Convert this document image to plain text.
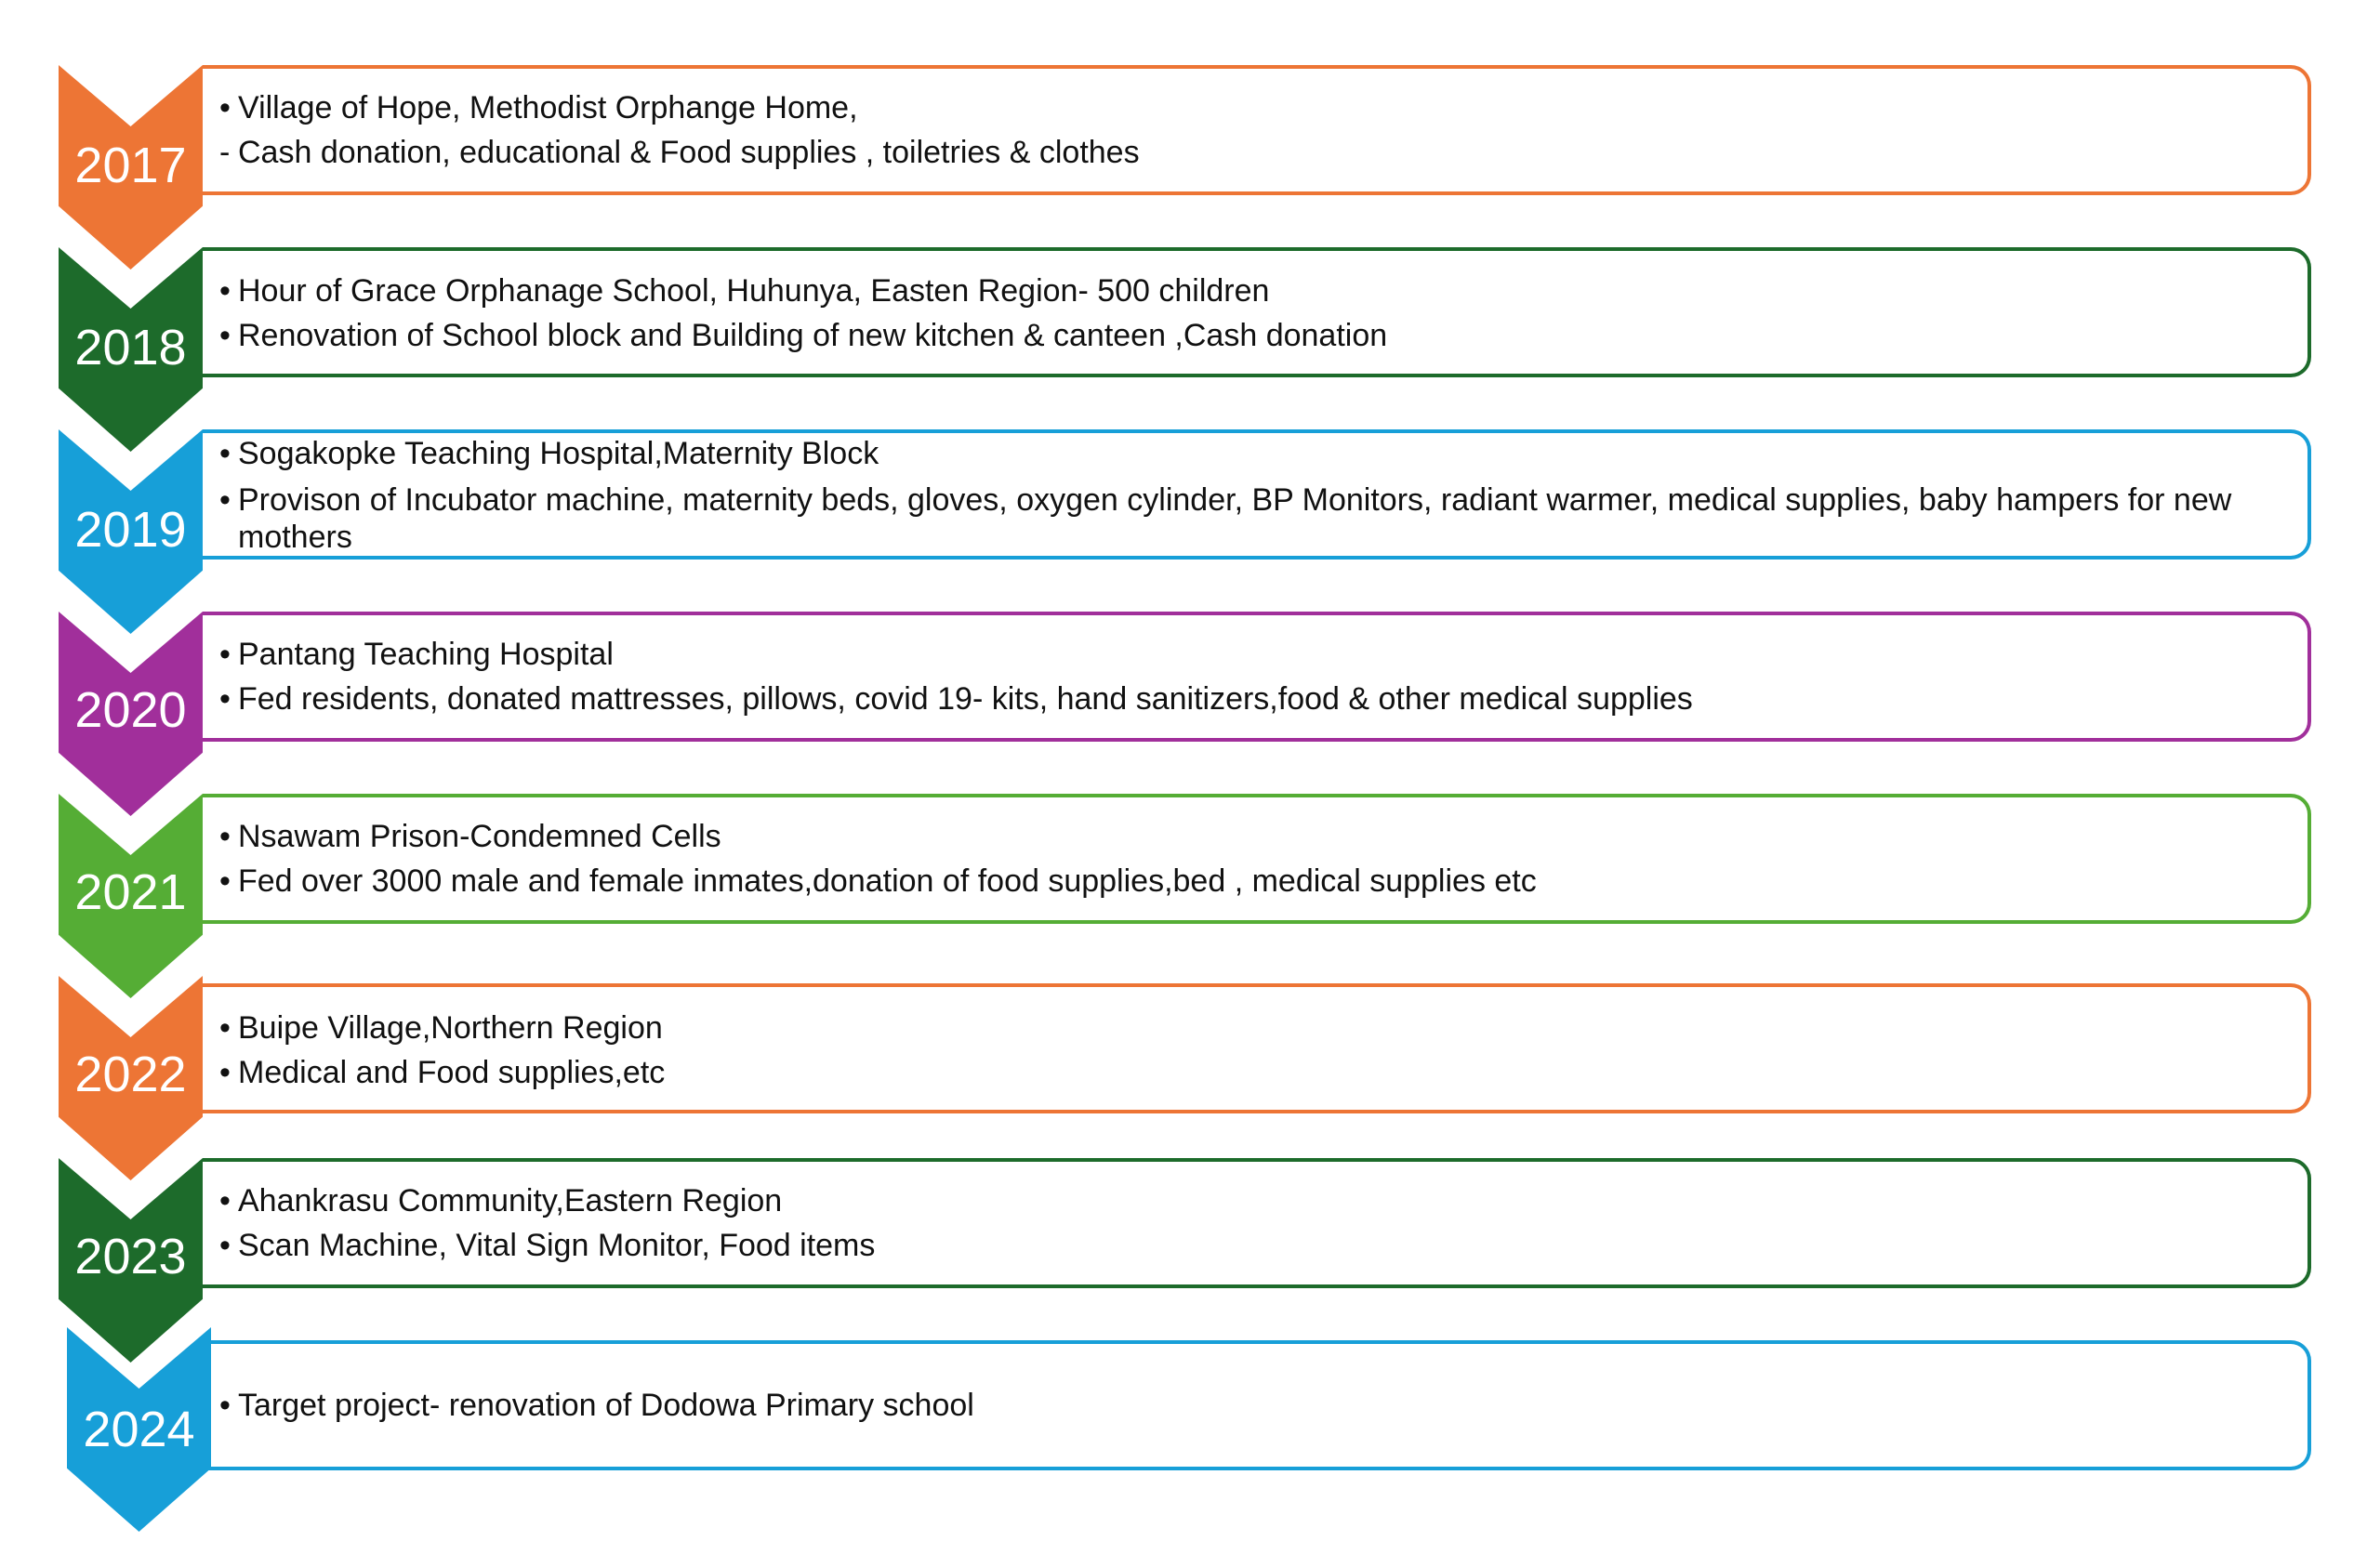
2017
• Village of Hope, Methodist Orphange Home,
- Cash donation, educational & Food supplies , toiletries & clothes
2018
• Hour of Grace Orphanage School, Huhunya, Easten Region- 500 children
• Renovation of School block and Building of new kitchen & canteen ,Cash donation
2019
• Sogakopke Teaching Hospital,Maternity Block
• Provison of Incubator machine, maternity beds, gloves, oxygen cylinder, BP Monitors, radiant warmer, medical supplies, baby hampers for new mothers
2020
• Pantang Teaching Hospital
• Fed residents, donated mattresses, pillows, covid 19- kits, hand sanitizers,food & other medical supplies
2021
• Nsawam Prison-Condemned Cells
• Fed over 3000 male and female inmates,donation of food supplies,bed , medical supplies etc
2022
• Buipe Village,Northern Region
• Medical and Food supplies,etc
2023
• Ahankrasu Community,Eastern Region
• Scan Machine, Vital Sign Monitor, Food items
2024 • Target project- renovation of Dodowa Primary school
